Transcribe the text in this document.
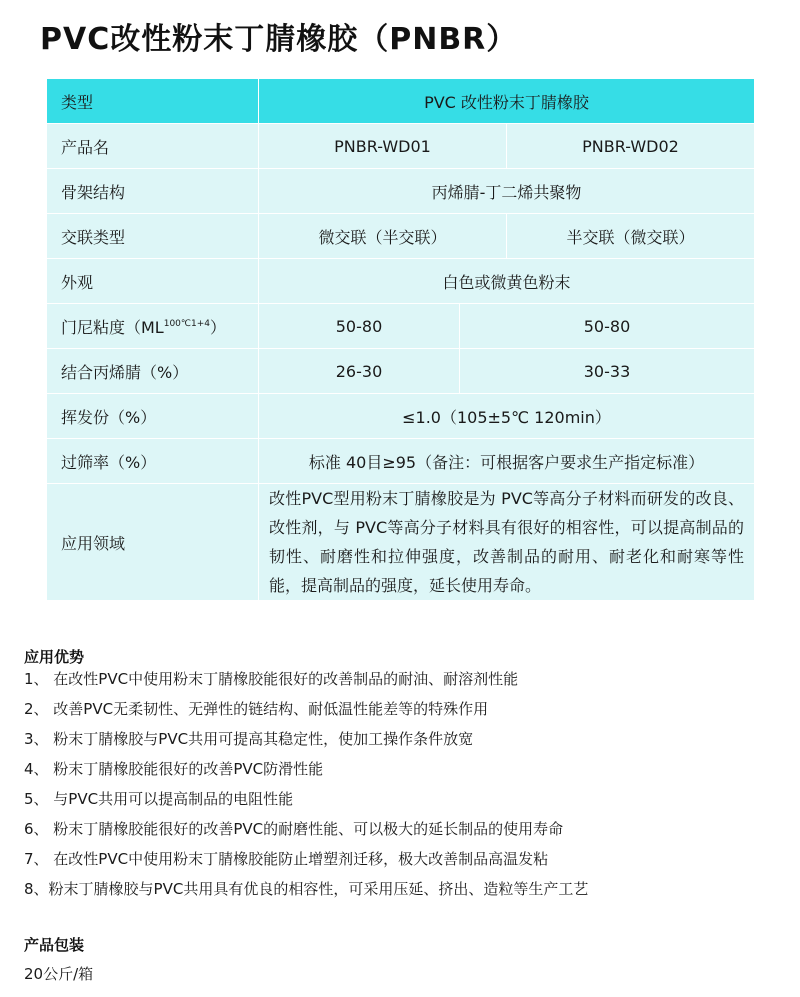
PVC改性粉末丁腈橡胶（PNBR）
类型	PVC 改性粉末丁腈橡胶		
产品名	PNBR-WD01		PNBR-WD02
骨架结构	丙烯腈-丁二烯共聚物		
交联类型	微交联（半交联）		半交联（微交联）
外观	白色或微黄色粉末		
门尼粘度$(ML^{100℃1+4})$	50-80	50-80	
结合丙烯腈（%）	26-30	30-33	
挥发份（%）	≤1.0（105±5℃ 120min）		
过筛率（%）	标准 40目≥95（备注：可根据客户要求生产指定标准）		
应用领域	改性PVC型用粉末丁腈橡胶是为 PVC等高分子材料而研发的改良、改性剂，与 PVC等高分子材料具有很好的相容性，可以提高制品的韧性、耐磨性和拉伸强度，改善制品的耐用、耐老化和耐寒等性能，提高制品的强度，延长使用寿命。		
应用优势
1、 在改性PVC中使用粉末丁腈橡胶能很好的改善制品的耐油、耐溶剂性能
2、 改善PVC无柔韧性、无弹性的链结构、耐低温性能差等的特殊作用
3、 粉末丁腈橡胶与PVC共用可提高其稳定性，使加工操作条件放宽
4、 粉末丁腈橡胶能很好的改善PVC防滑性能
5、 与PVC共用可以提高制品的电阻性能
6、 粉末丁腈橡胶能很好的改善PVC的耐磨性能、可以极大的延长制品的使用寿命
7、 在改性PVC中使用粉末丁腈橡胶能防止增塑剂迁移，极大改善制品高温发粘
8、粉末丁腈橡胶与PVC共用具有优良的相容性，可采用压延、挤出、造粒等生产工艺
产品包装
20公斤/箱
